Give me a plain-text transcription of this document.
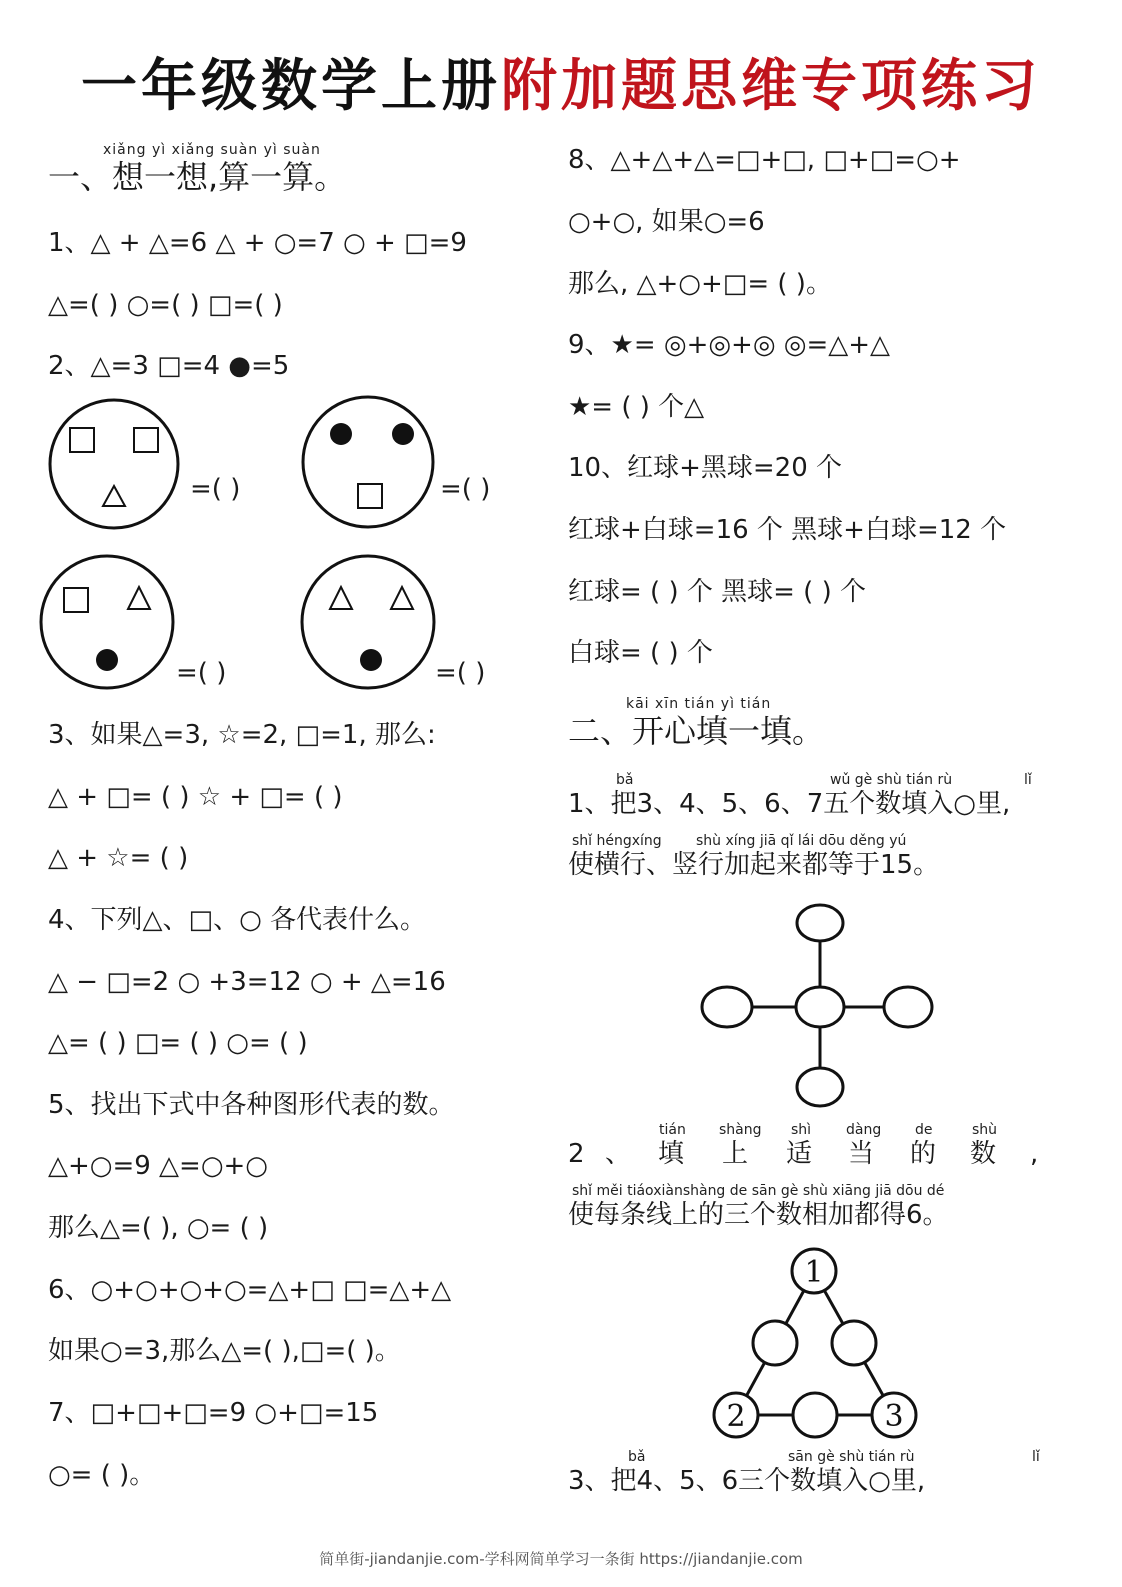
一年级数学上册附加题思维专项练习
xiǎng yì xiǎng suàn yì suàn
一、想一想,算一算。
1、△ + △=6 △ + ○=7 ○ + □=9
△=( ) ○=( ) □=( )
2、△=3 □=4 ●=5
=( )	=( )
=( )	=( )
3、如果△=3, ☆=2, □=1, 那么:
△ + □= ( ) ☆ + □= ( )
△ + ☆= ( )
4、下列△、□、○ 各代表什么。
△ − □=2 ○ +3=12 ○ + △=16
△= ( ) □= ( ) ○= ( )
5、找出下式中各种图形代表的数。
△+○=9 △=○+○
那么△=( ), ○= ( )
6、○+○+○+○=△+□ □=△+△
如果○=3,那么△=( ),□=( )。
7、□+□+□=9 ○+□=15
○= ( )。
8、△+△+△=□+□, □+□=○+
○+○, 如果○=6
那么, △+○+□= ( )。
9、★= ◎+◎+◎ ◎=△+△
★= ( ) 个△
10、红球+黑球=20 个
红球+白球=16 个 黑球+白球=12 个
红球= ( ) 个 黑球= ( ) 个
白球= ( ) 个
kāi xīn tián yì tián
二、开心填一填。
bǎ	wǔ gè shù tián rù	lǐ
1、把3、4、5、6、7五个数填入○里,
shǐ héngxíng shù xíng jiā qǐ lái dōu děng yú
使横行、竖行加起来都等于15。
tián shàng shì dàng de	shù
2 、 填 上 适 当 的 数 ,
shǐ měi tiáoxiànshàng de sān gè shù xiāng jiā dōu dé
使每条线上的三个数相加都得6。
1
2	3
bǎ	sān gè shù tián rù	lǐ
3、把4、5、6三个数填入○里,
简单街-jiandanjie.com-学科网简单学习一条街 https://jiandanjie.com
